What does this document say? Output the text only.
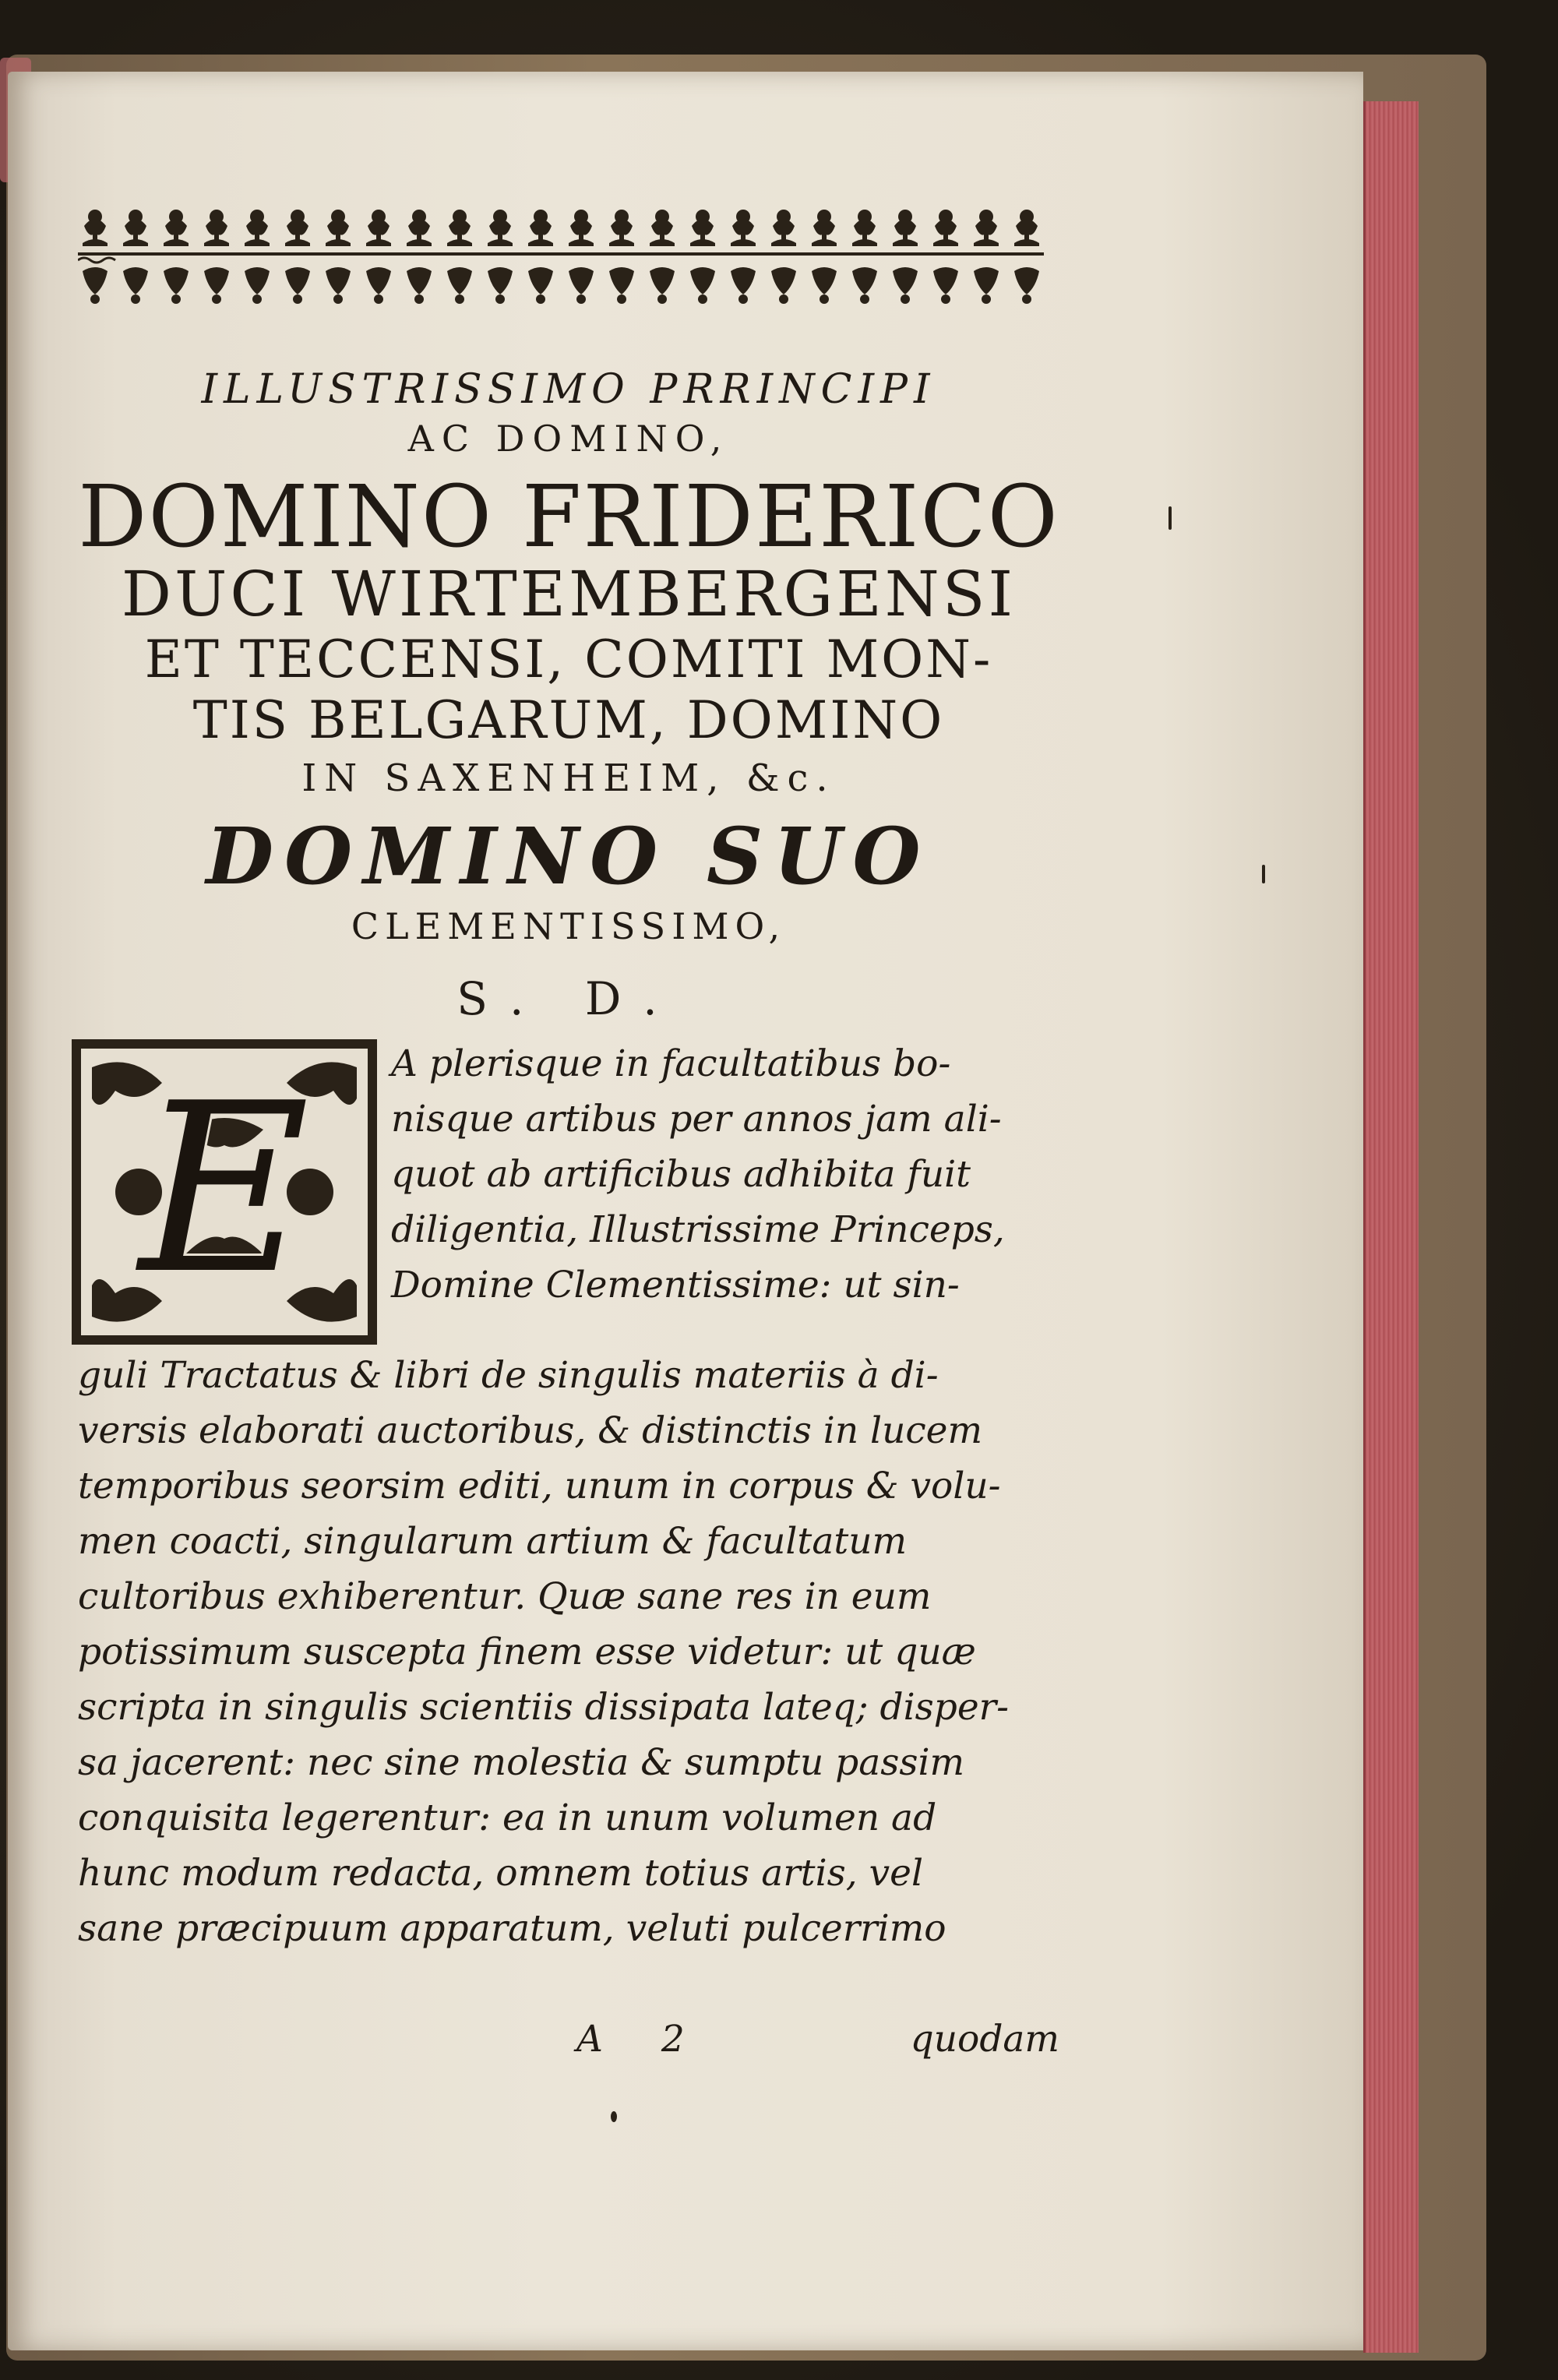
ILLUSTRISSIMO PRRINCIPI
AC DOMINO,
DOMINO FRIDERICO
DUCI WIRTEMBERGENSI
ET TECCENSI, COMITI MON-
TIS BELGARUM, DOMINO
IN SAXENHEIM, &c.
DOMINO SUO
CLEMENTISSIMO,
S. D.
E	A plerisque in facultatibus bo-
nisque artibus per annos jam ali-
quot ab artificibus adhibita fuit
diligentia, Illustrissime Princeps,
Domine Clementissime: ut sin-
guli Tractatus & libri de singulis materiis à di-
versis elaborati auctoribus, & distinctis in lucem
temporibus seorsim editi, unum in corpus & volu-
men coacti, singularum artium & facultatum
cultoribus exhiberentur. Quæ sane res in eum
potissimum suscepta finem esse videtur: ut quæ
scripta in singulis scientiis dissipata lateq; disper-
sa jacerent: nec sine molestia & sumptu passim
conquisita legerentur: ea in unum volumen ad
hunc modum redacta, omnem totius artis, vel
sane præcipuum apparatum, veluti pulcerrimo
A 2	quodam
